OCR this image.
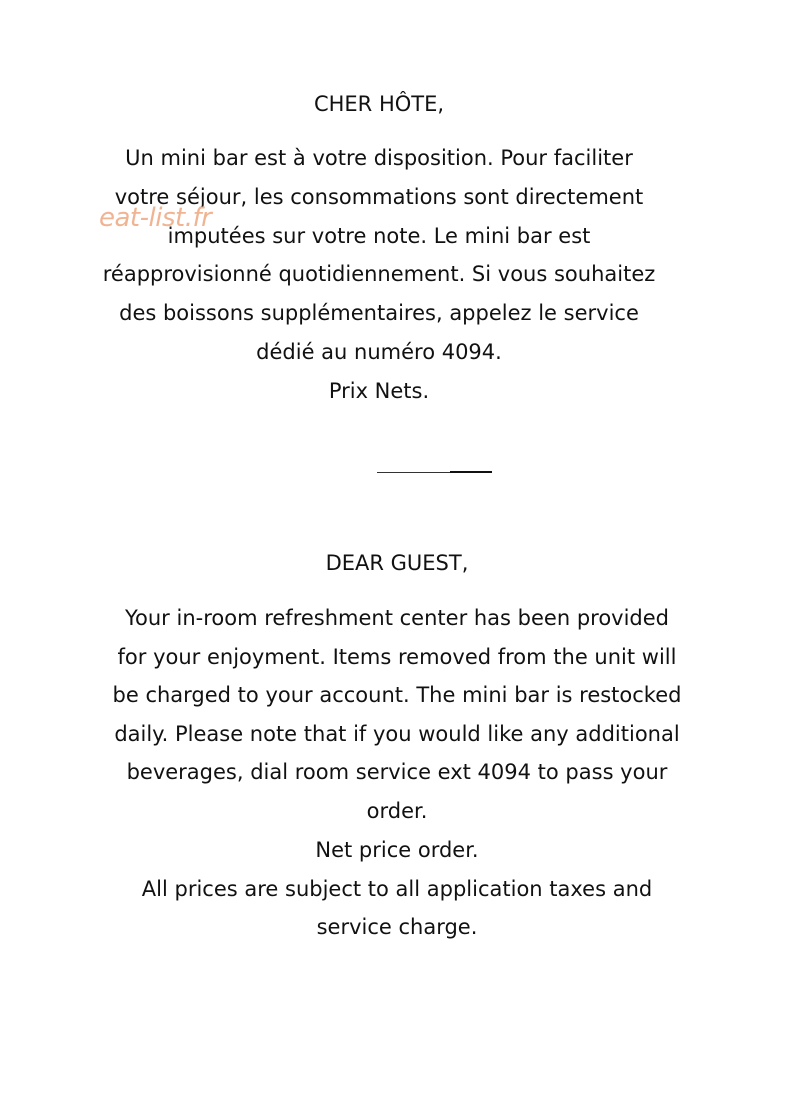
CHER HÔTE,
Un mini bar est à votre disposition. Pour faciliter
votre séjour, les consommations sont directement
imputées sur votre note. Le mini bar est
réapprovisionné quotidiennement. Si vous souhaitez
des boissons supplémentaires, appelez le service
dédié au numéro 4094.
Prix Nets.
eat-list.fr
DEAR GUEST,
Your in-room refreshment center has been provided
for your enjoyment. Items removed from the unit will
be charged to your account. The mini bar is restocked
daily. Please note that if you would like any additional
beverages, dial room service ext 4094 to pass your
order.
Net price order.
All prices are subject to all application taxes and
service charge.
